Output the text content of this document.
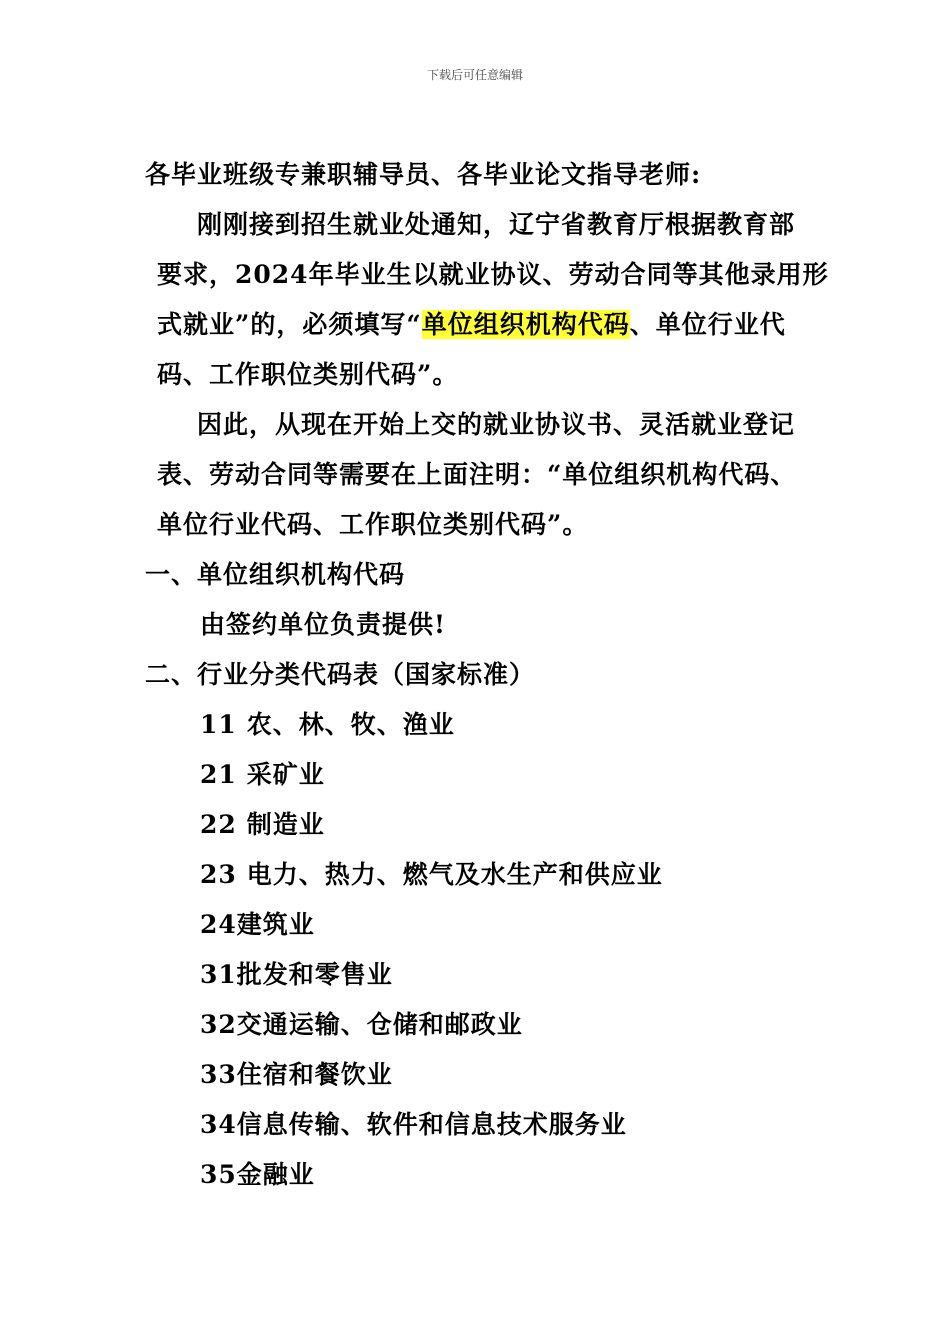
下载后可任意编辑
各毕业班级专兼职辅导员、各毕业论文指导老师:
刚刚接到招生就业处通知，辽宁省教育厅根据教育部
要求，2024年毕业生以就业协议、劳动合同等其他录用形
式就业”的，必须填写“单位组织机构代码、单位行业代
码、工作职位类别代码”。
因此，从现在开始上交的就业协议书、灵活就业登记
表、劳动合同等需要在上面注明：“单位组织机构代码、
单位行业代码、工作职位类别代码”。
一、单位组织机构代码
由签约单位负责提供!
二、行业分类代码表（国家标准）
11 农、林、牧、渔业
21 采矿业
22 制造业
23 电力、热力、燃气及水生产和供应业
24建筑业
31批发和零售业
32交通运输、仓储和邮政业
33住宿和餐饮业
34信息传输、软件和信息技术服务业
35金融业
